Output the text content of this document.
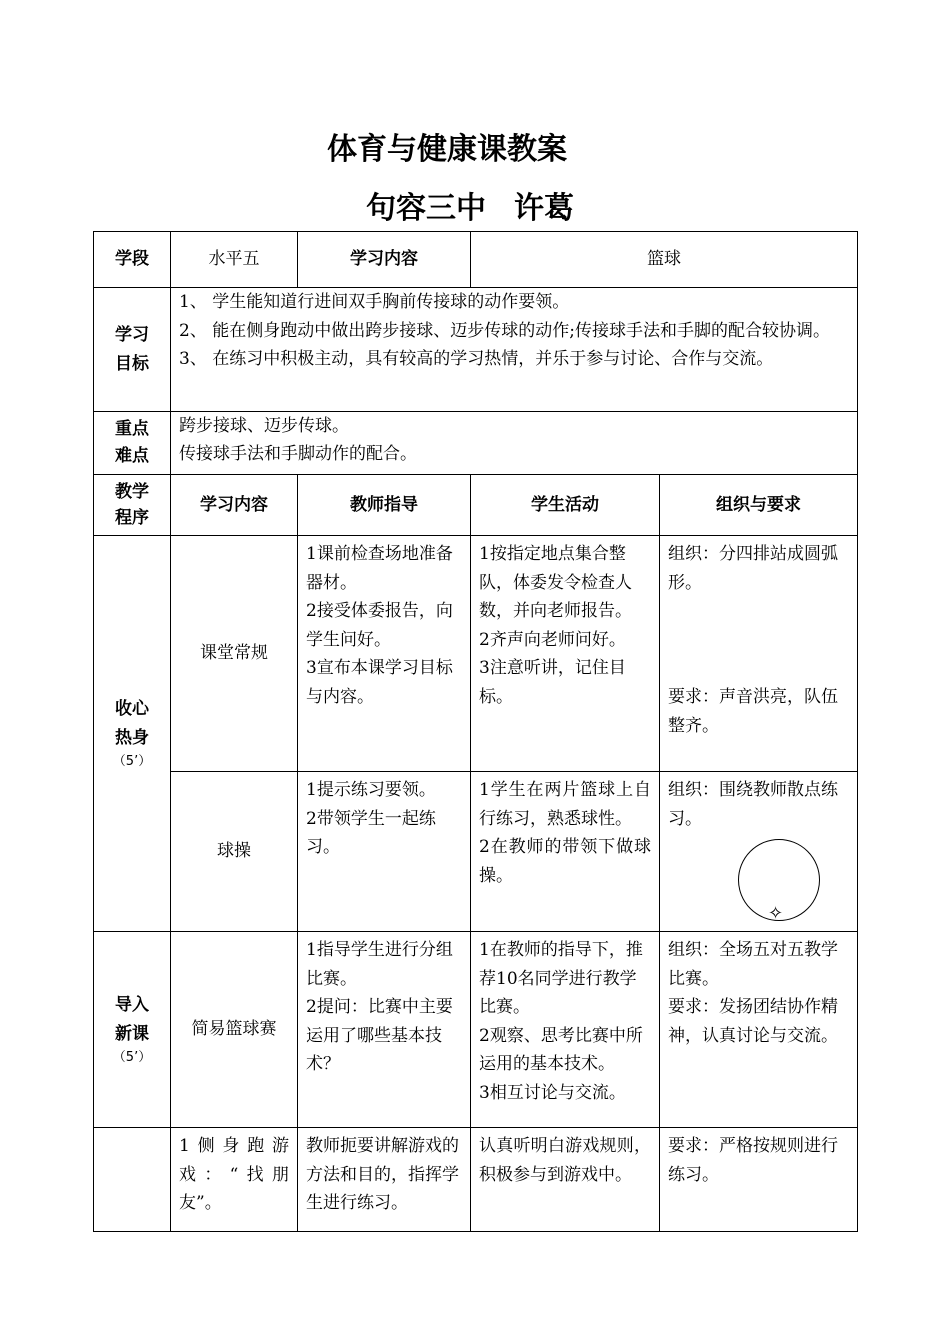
体育与健康课教案
句容三中 许葛
学段	水平五	学习内容	篮球	

学习
目标	1、 学生能知道行进间双手胸前传接球的动作要领。
2、 能在侧身跑动中做出跨步接球、迈步传球的动作;传接球手法和手脚的配合较协调。
3、 在练习中积极主动，具有较高的学习热情，并乐于参与讨论、合作与交流。			

重点
难点	跨步接球、迈步传球。
传接球手法和手脚动作的配合。			

教学
程序	学习内容	教师指导	学生活动	组织与要求

收心
热身
（5’）	课堂常规	1课前检查场地准备器材。
2接受体委报告，向学生问好。
3宣布本课学习目标与内容。	1按指定地点集合整队，体委发令检查人数，并向老师报告。
2齐声向老师问好。
3注意听讲，记住目标。	组织：分四排站成圆弧形。
要求：声音洪亮，队伍整齐。

	球操	1提示练习要领。
2带领学生一起练习。	1学生在两片篮球上自行练习，熟悉球性。
2在教师的带领下做球操。	组织：围绕教师散点练习。
✧

导入
新课
（5’）	简易篮球赛	1指导学生进行分组比赛。
2提问：比赛中主要运用了哪些基本技术？	1在教师的指导下，推荐10名同学进行教学比赛。
2观察、思考比赛中所运用的基本技术。
3相互讨论与交流。	组织：全场五对五教学比赛。
要求：发扬团结协作精神，认真讨论与交流。

	1侧身跑游戏：“找朋友”。	教师扼要讲解游戏的方法和目的，指挥学生进行练习。	认真听明白游戏规则，积极参与到游戏中。	要求：严格按规则进行练习。
